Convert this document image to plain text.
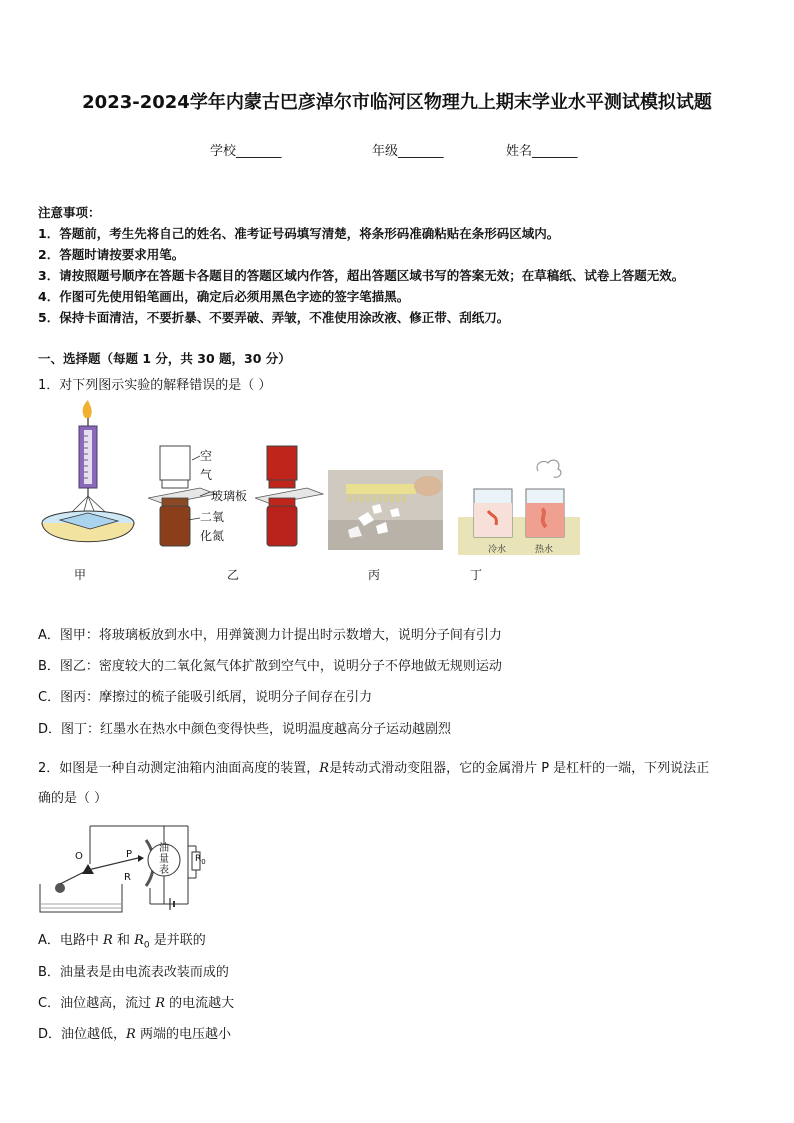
2023-2024学年内蒙古巴彦淖尔市临河区物理九上期末学业水平测试模拟试题
学校_______	年级_______	姓名_______
注意事项：
1．答题前，考生先将自己的姓名、准考证号码填写清楚，将条形码准确粘贴在条形码区域内。
2．答题时请按要求用笔。
3．请按照题号顺序在答题卡各题目的答题区域内作答，超出答题区域书写的答案无效；在草稿纸、试卷上答题无效。
4．作图可先使用铅笔画出，确定后必须用黑色字迹的签字笔描黑。
5．保持卡面清洁，不要折暴、不要弄破、弄皱，不准使用涂改液、修正带、刮纸刀。
一、选择题（每题 1 分，共 30 题，30 分）
1．对下列图示实验的解释错误的是（ ）
空
气
玻璃板
二氧
化氮
冷水	热水
甲	乙	丙	丁
A．图甲：将玻璃板放到水中，用弹簧测力计提出时示数增大，说明分子间有引力
B．图乙：密度较大的二氧化氮气体扩散到空气中，说明分子不停地做无规则运动
C．图丙：摩擦过的梳子能吸引纸屑，说明分子间存在引力
D．图丁：红墨水在热水中颜色变得快些，说明温度越高分子运动越剧烈
2．如图是一种自动测定油箱内油面高度的装置，R是转动式滑动变阻器，它的金属滑片 P 是杠杆的一端，下列说法正
确的是（ ）
O	P
R
油
量
表
$R_0$
A．电路中 R 和 $R_0$ 是并联的
B．油量表是由电流表改装而成的
C．油位越高，流过 R 的电流越大
D．油位越低，R 两端的电压越小
